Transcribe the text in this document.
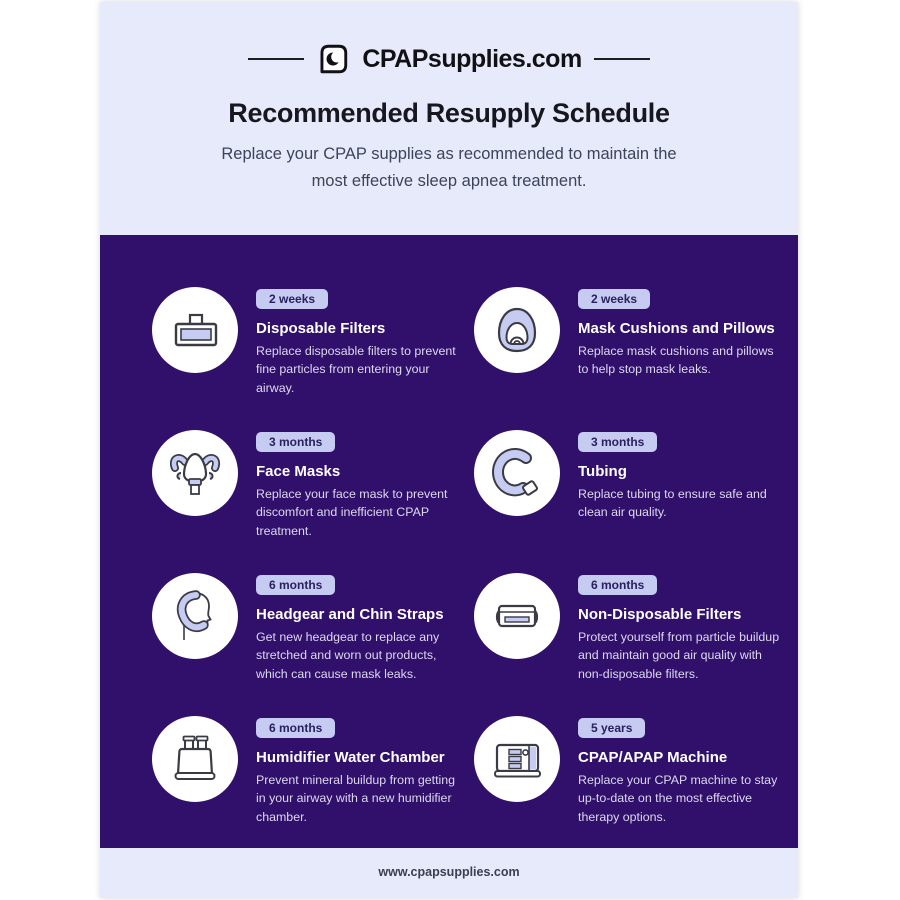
CPAPsupplies.com
Recommended Resupply Schedule

Replace your CPAP supplies as recommended to maintain the most effective sleep apnea treatment.

2 weeks
Disposable Filters

Replace disposable filters to prevent fine particles from entering your airway.

2 weeks
Mask Cushions and Pillows

Replace mask cushions and pillows to help stop mask leaks.

3 months
Face Masks

Replace your face mask to prevent discomfort and inefficient CPAP treatment.

3 months
Tubing

Replace tubing to ensure safe and clean air quality.

6 months
Headgear and Chin Straps

Get new headgear to replace any stretched and worn out products, which can cause mask leaks.

6 months
Non-Disposable Filters

Protect yourself from particle buildup and maintain good air quality with non-disposable filters.

6 months
Humidifier Water Chamber

Prevent mineral buildup from getting in your airway with a new humidifier chamber.

5 years
CPAP/APAP Machine

Replace your CPAP machine to stay up-to-date on the most effective therapy options.

www.cpapsupplies.com
